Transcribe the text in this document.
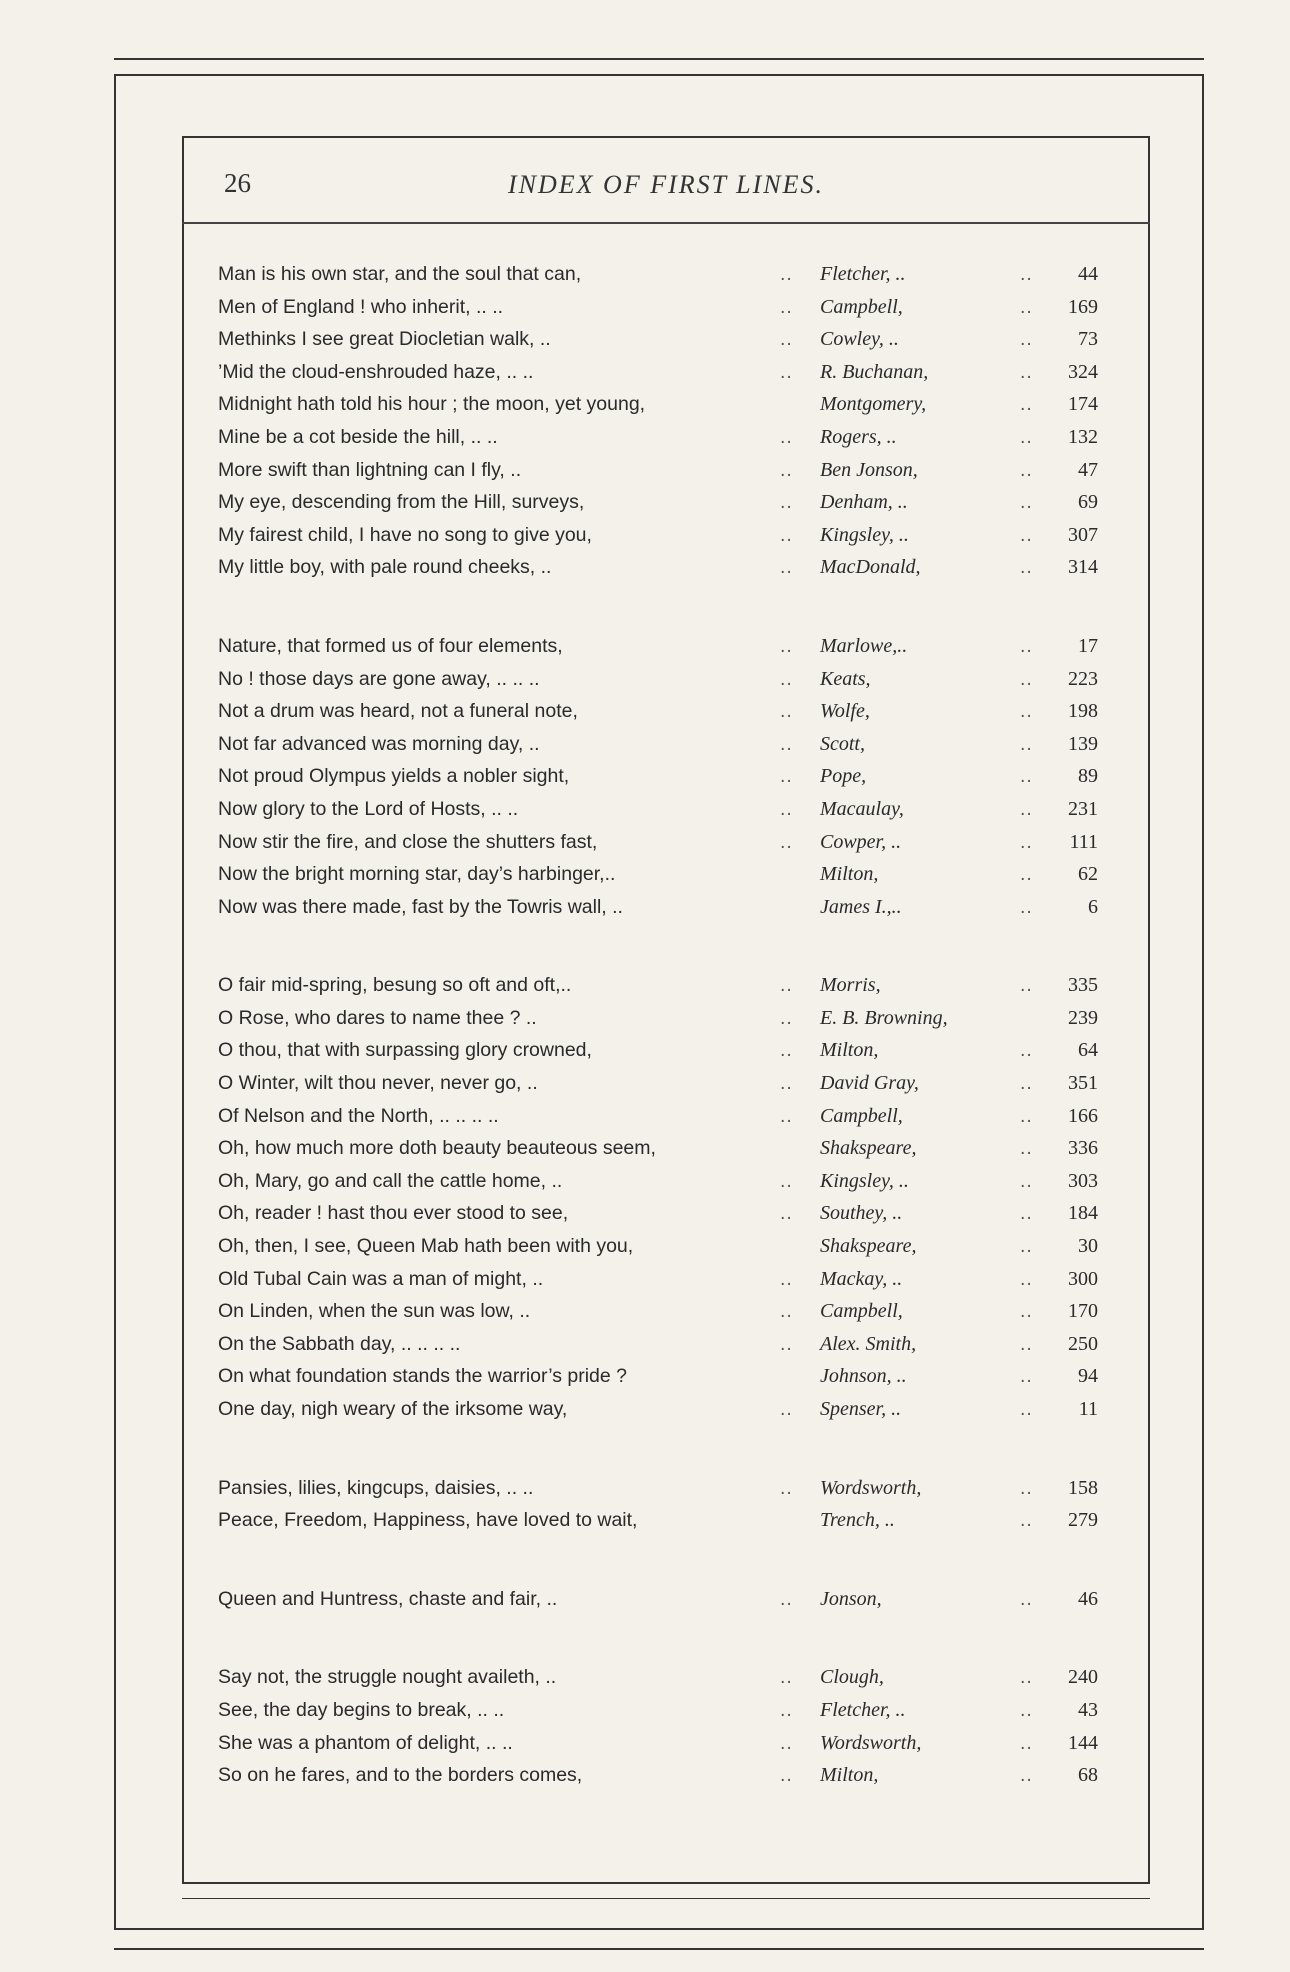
26	INDEX OF FIRST LINES.
Man is his own star, and the soul that can,	.. Fletcher, ..	..	44
Men of England ! who inherit, .. ..	.. Campbell,	..	169
Methinks I see great Diocletian walk, ..	.. Cowley, ..	..	73
’Mid the cloud-enshrouded haze, .. ..	.. R. Buchanan,	..	324
Midnight hath told his hour ; the moon, yet young,	Montgomery,	..	174
Mine be a cot beside the hill, .. ..	.. Rogers, ..	..	132
More swift than lightning can I fly, ..	.. Ben Jonson,	..	47
My eye, descending from the Hill, surveys,	.. Denham, ..	..	69
My fairest child, I have no song to give you,	.. Kingsley, ..	..	307
My little boy, with pale round cheeks, ..	.. MacDonald,	..	314
Nature, that formed us of four elements,	.. Marlowe,..	..	17
No ! those days are gone away, .. .. ..	.. Keats,	..	223
Not a drum was heard, not a funeral note,	.. Wolfe,	..	198
Not far advanced was morning day, ..	.. Scott,	..	139
Not proud Olympus yields a nobler sight,	.. Pope,	..	89
Now glory to the Lord of Hosts, .. ..	.. Macaulay,	..	231
Now stir the fire, and close the shutters fast,	.. Cowper, ..	..	111
Now the bright morning star, day’s harbinger,..	Milton,	..	62
Now was there made, fast by the Towris wall, ..	James I.,..	..	6
O fair mid-spring, besung so oft and oft,..	.. Morris,	..	335
O Rose, who dares to name thee ? ..	.. E. B. Browning,	239
O thou, that with surpassing glory crowned,	.. Milton,	..	64
O Winter, wilt thou never, never go, ..	.. David Gray,	..	351
Of Nelson and the North, .. .. .. ..	.. Campbell,	..	166
Oh, how much more doth beauty beauteous seem,	Shakspeare,	..	336
Oh, Mary, go and call the cattle home, ..	.. Kingsley, ..	..	303
Oh, reader ! hast thou ever stood to see,	.. Southey, ..	..	184
Oh, then, I see, Queen Mab hath been with you,	Shakspeare,	..	30
Old Tubal Cain was a man of might, ..	.. Mackay, ..	..	300
On Linden, when the sun was low, ..	.. Campbell,	..	170
On the Sabbath day, .. .. .. ..	.. Alex. Smith,	..	250
On what foundation stands the warrior’s pride ?	Johnson, ..	..	94
One day, nigh weary of the irksome way,	.. Spenser, ..	..	11
Pansies, lilies, kingcups, daisies, .. ..	.. Wordsworth,	..	158
Peace, Freedom, Happiness, have loved to wait,	Trench, ..	..	279
Queen and Huntress, chaste and fair, ..	.. Jonson,	..	46
Say not, the struggle nought availeth, ..	.. Clough,	..	240
See, the day begins to break, .. ..	.. Fletcher, ..	..	43
She was a phantom of delight, .. ..	.. Wordsworth,	..	144
So on he fares, and to the borders comes,	.. Milton,	..	68
